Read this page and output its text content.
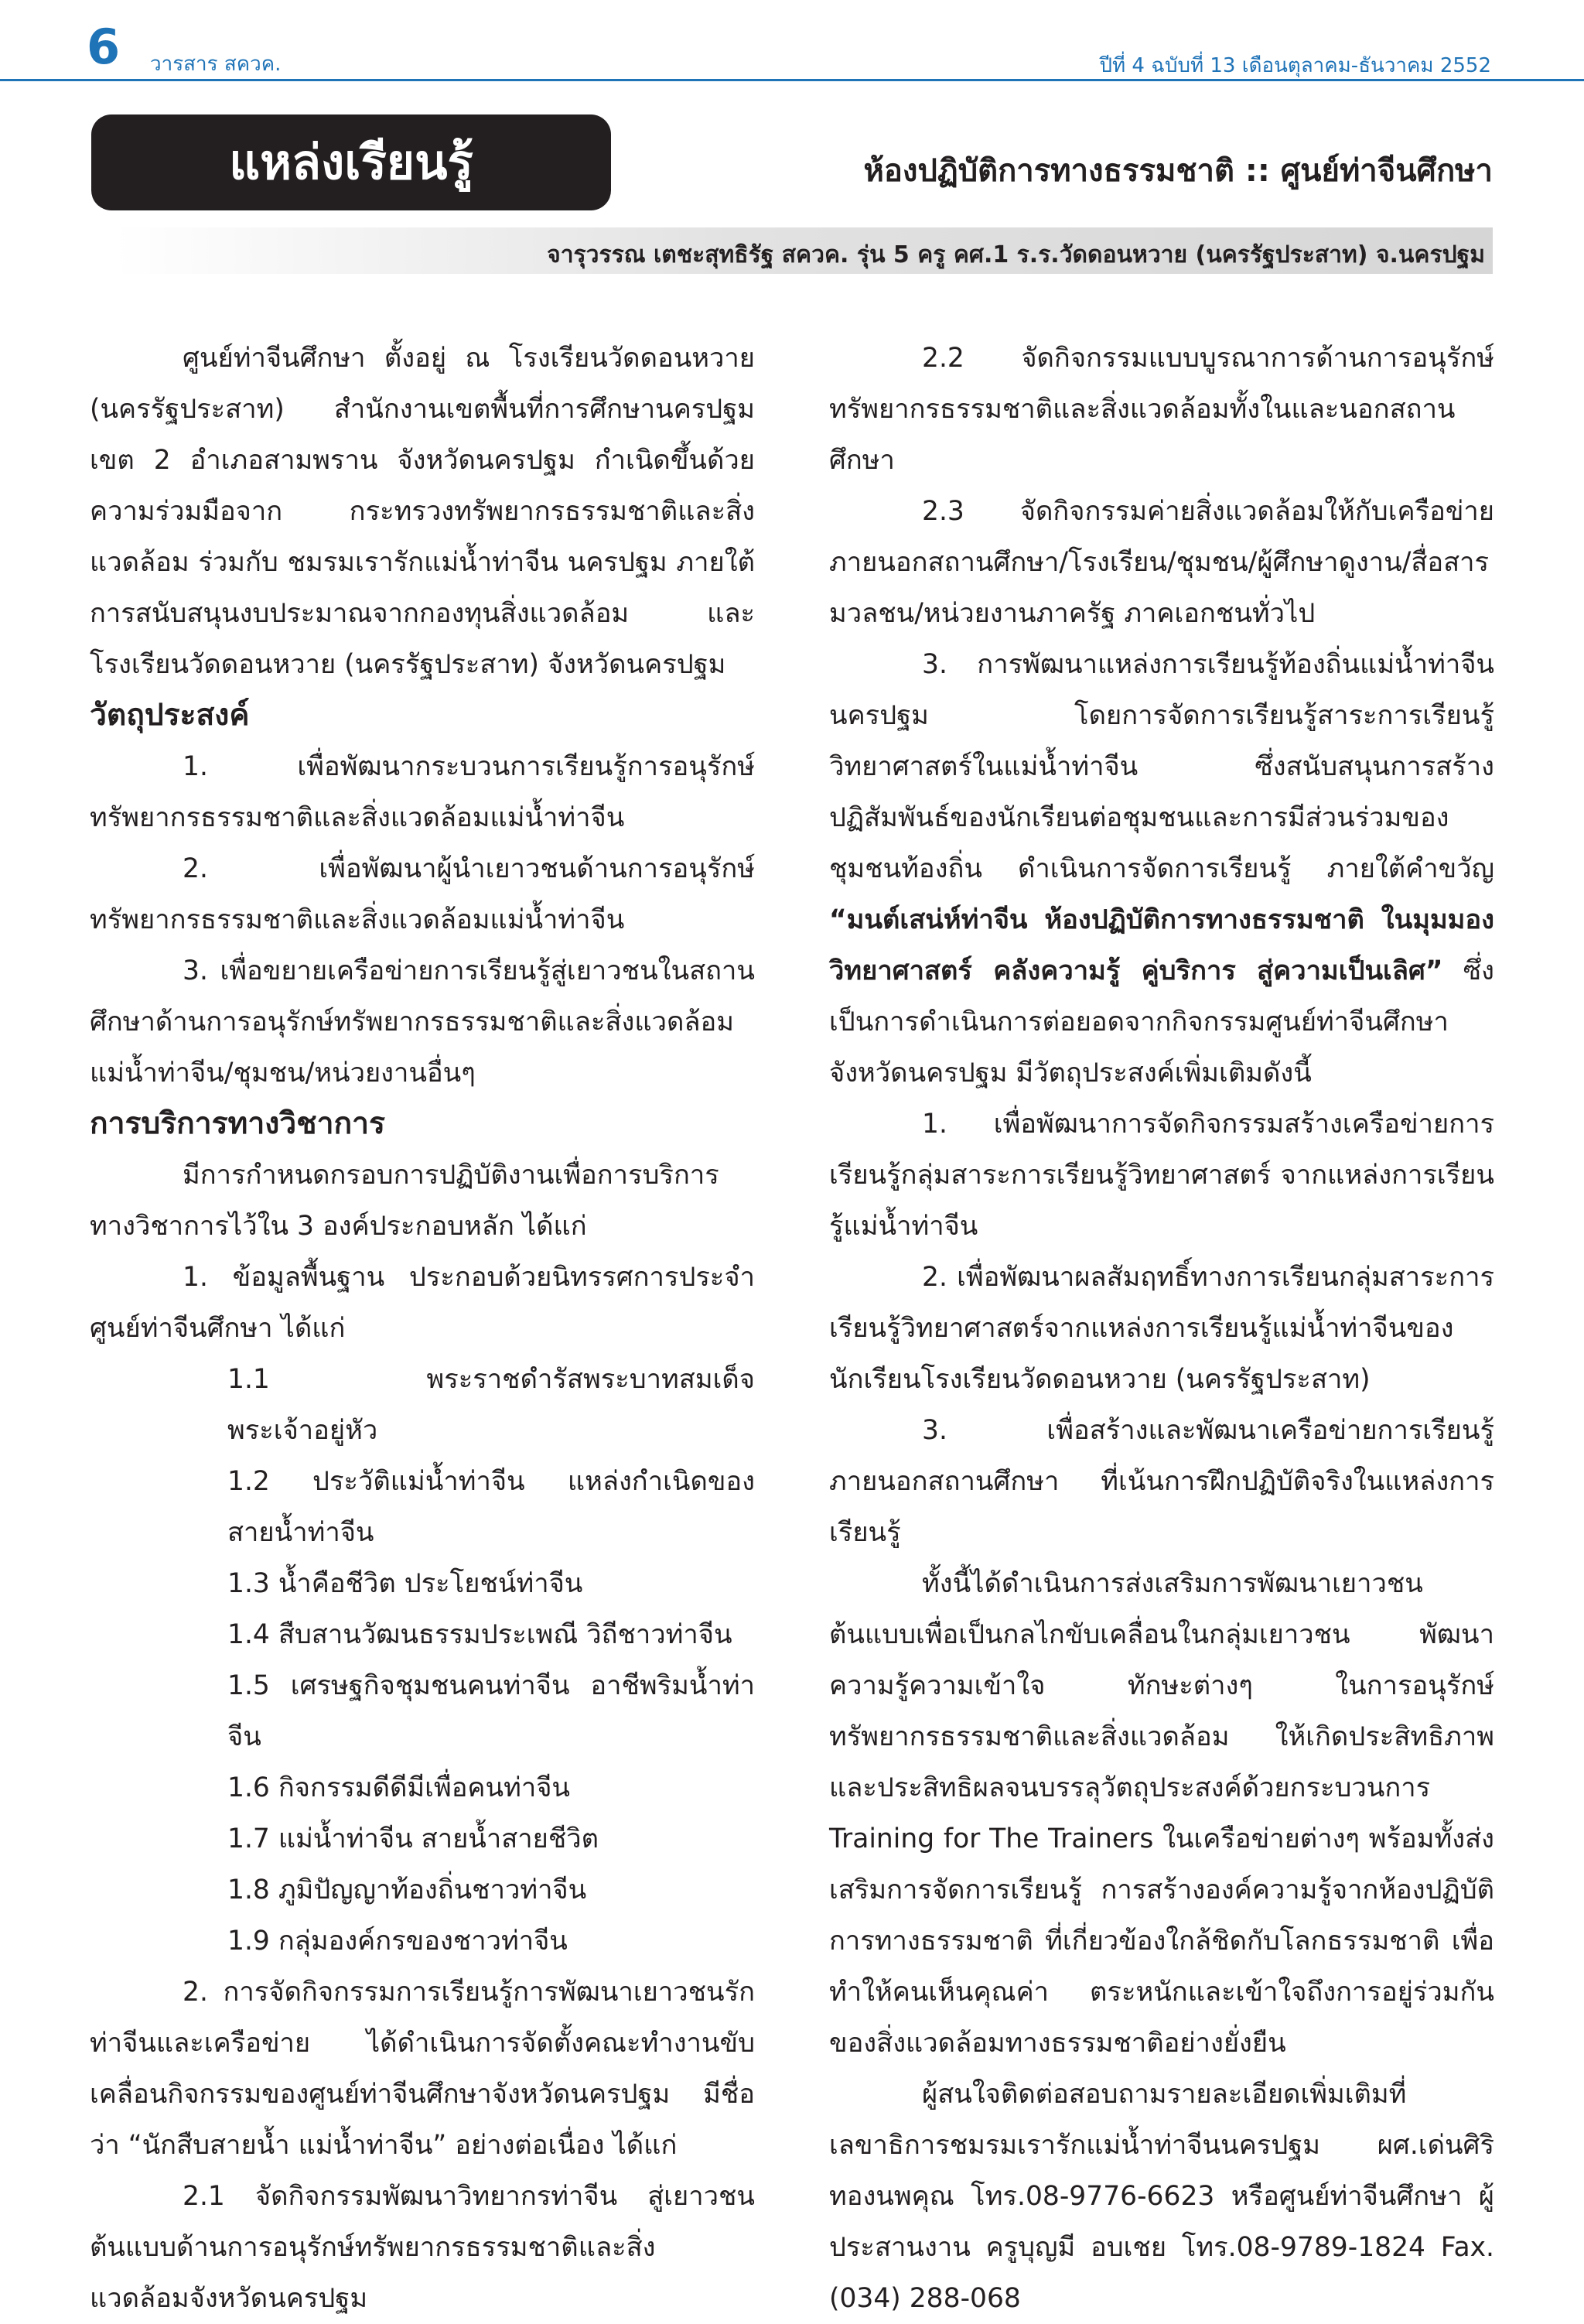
6 วารสาร สควค.	ปีที่ 4 ฉบับที่ 13 เดือนตุลาคม-ธันวาคม 2552
แหล่งเรียนรู้	ห้องปฏิบัติการทางธรรมชาติ :: ศูนย์ท่าจีนศึกษา
จารุวรรณ เตชะสุทธิรัฐ สควค. รุ่น 5 ครู คศ.1 ร.ร.วัดดอนหวาย (นครรัฐประสาท) จ.นครปฐม

ศูนย์ท่าจีนศึกษา ตั้งอยู่ ณ โรงเรียนวัดดอนหวาย (นครรัฐประสาท) สำนักงานเขตพื้นที่การศึกษานครปฐม เขต 2 อำเภอสามพราน จังหวัดนครปฐม กำเนิดขึ้นด้วยความร่วมมือจาก กระทรวงทรัพยากรธรรมชาติและสิ่งแวดล้อม ร่วมกับ ชมรมเรารักแม่น้ำท่าจีน นครปฐม ภายใต้การสนับสนุนงบประมาณจากกองทุนสิ่งแวดล้อม และโรงเรียนวัดดอนหวาย (นครรัฐประสาท) จังหวัดนครปฐม

วัตถุประสงค์

1. เพื่อพัฒนากระบวนการเรียนรู้การอนุรักษ์ทรัพยากรธรรมชาติและสิ่งแวดล้อมแม่น้ำท่าจีน

2. เพื่อพัฒนาผู้นำเยาวชนด้านการอนุรักษ์ทรัพยากรธรรมชาติและสิ่งแวดล้อมแม่น้ำท่าจีน

3. เพื่อขยายเครือข่ายการเรียนรู้สู่เยาวชนในสถานศึกษาด้านการอนุรักษ์ทรัพยากรธรรมชาติและสิ่งแวดล้อมแม่น้ำท่าจีน/ชุมชน/หน่วยงานอื่นๆ

การบริการทางวิชาการ

มีการกำหนดกรอบการปฏิบัติงานเพื่อการบริการทางวิชาการไว้ใน 3 องค์ประกอบหลัก ได้แก่

1. ข้อมูลพื้นฐาน ประกอบด้วยนิทรรศการประจำศูนย์ท่าจีนศึกษา ได้แก่

1.1 พระราชดำรัสพระบาทสมเด็จพระเจ้าอยู่หัว

1.2 ประวัติแม่น้ำท่าจีน แหล่งกำเนิดของสายน้ำท่าจีน

1.3 น้ำคือชีวิต ประโยชน์ท่าจีน

1.4 สืบสานวัฒนธรรมประเพณี วิถีชาวท่าจีน

1.5 เศรษฐกิจชุมชนคนท่าจีน อาชีพริมน้ำท่าจีน

1.6 กิจกรรมดีดีมีเพื่อคนท่าจีน

1.7 แม่น้ำท่าจีน สายน้ำสายชีวิต

1.8 ภูมิปัญญาท้องถิ่นชาวท่าจีน

1.9 กลุ่มองค์กรของชาวท่าจีน

2. การจัดกิจกรรมการเรียนรู้การพัฒนาเยาวชนรักท่าจีนและเครือข่าย ได้ดำเนินการจัดตั้งคณะทำงานขับเคลื่อนกิจกรรมของศูนย์ท่าจีนศึกษาจังหวัดนครปฐม มีชื่อว่า “นักสืบสายน้ำ แม่น้ำท่าจีน” อย่างต่อเนื่อง ได้แก่

2.1 จัดกิจกรรมพัฒนาวิทยากรท่าจีน สู่เยาวชนต้นแบบด้านการอนุรักษ์ทรัพยากรธรรมชาติและสิ่งแวดล้อมจังหวัดนครปฐม

2.2 จัดกิจกรรมแบบบูรณาการด้านการอนุรักษ์ทรัพยากรธรรมชาติและสิ่งแวดล้อมทั้งในและนอกสถานศึกษา

2.3 จัดกิจกรรมค่ายสิ่งแวดล้อมให้กับเครือข่ายภายนอกสถานศึกษา/โรงเรียน/ชุมชน/ผู้ศึกษาดูงาน/สื่อสารมวลชน/หน่วยงานภาครัฐ ภาคเอกชนทั่วไป

3. การพัฒนาแหล่งการเรียนรู้ท้องถิ่นแม่น้ำท่าจีนนครปฐม โดยการจัดการเรียนรู้สาระการเรียนรู้วิทยาศาสตร์ในแม่น้ำท่าจีน ซึ่งสนับสนุนการสร้างปฏิสัมพันธ์ของนักเรียนต่อชุมชนและการมีส่วนร่วมของชุมชนท้องถิ่น ดำเนินการจัดการเรียนรู้ ภายใต้คำขวัญ “มนต์เสน่ห์ท่าจีน ห้องปฏิบัติการทางธรรมชาติ ในมุมมองวิทยาศาสตร์ คลังความรู้ คู่บริการ สู่ความเป็นเลิศ” ซึ่งเป็นการดำเนินการต่อยอดจากกิจกรรมศูนย์ท่าจีนศึกษา จังหวัดนครปฐม มีวัตถุประสงค์เพิ่มเติมดังนี้

1. เพื่อพัฒนาการจัดกิจกรรมสร้างเครือข่ายการเรียนรู้กลุ่มสาระการเรียนรู้วิทยาศาสตร์ จากแหล่งการเรียนรู้แม่น้ำท่าจีน

2. เพื่อพัฒนาผลสัมฤทธิ์ทางการเรียนกลุ่มสาระการเรียนรู้วิทยาศาสตร์จากแหล่งการเรียนรู้แม่น้ำท่าจีนของนักเรียนโรงเรียนวัดดอนหวาย (นครรัฐประสาท)

3. เพื่อสร้างและพัฒนาเครือข่ายการเรียนรู้ภายนอกสถานศึกษา ที่เน้นการฝึกปฏิบัติจริงในแหล่งการเรียนรู้

ทั้งนี้ได้ดำเนินการส่งเสริมการพัฒนาเยาวชนต้นแบบเพื่อเป็นกลไกขับเคลื่อนในกลุ่มเยาวชน พัฒนาความรู้ความเข้าใจ ทักษะต่างๆ ในการอนุรักษ์ทรัพยากรธรรมชาติและสิ่งแวดล้อม ให้เกิดประสิทธิภาพและประสิทธิผลจนบรรลุวัตถุประสงค์ด้วยกระบวนการ Training for The Trainers ในเครือข่ายต่างๆ พร้อมทั้งส่งเสริมการจัดการเรียนรู้ การสร้างองค์ความรู้จากห้องปฏิบัติการทางธรรมชาติ ที่เกี่ยวข้องใกล้ชิดกับโลกธรรมชาติ เพื่อทำให้คนเห็นคุณค่า ตระหนักและเข้าใจถึงการอยู่ร่วมกันของสิ่งแวดล้อมทางธรรมชาติอย่างยั่งยืน

ผู้สนใจติดต่อสอบถามรายละเอียดเพิ่มเติมที่เลขาธิการชมรมเรารักแม่น้ำท่าจีนนครปฐม ผศ.เด่นศิริ ทองนพคุณ โทร.08-9776-6623 หรือศูนย์ท่าจีนศึกษา ผู้ประสานงาน ครูบุญมี อบเชย โทร.08-9789-1824 Fax. (034) 288-068
